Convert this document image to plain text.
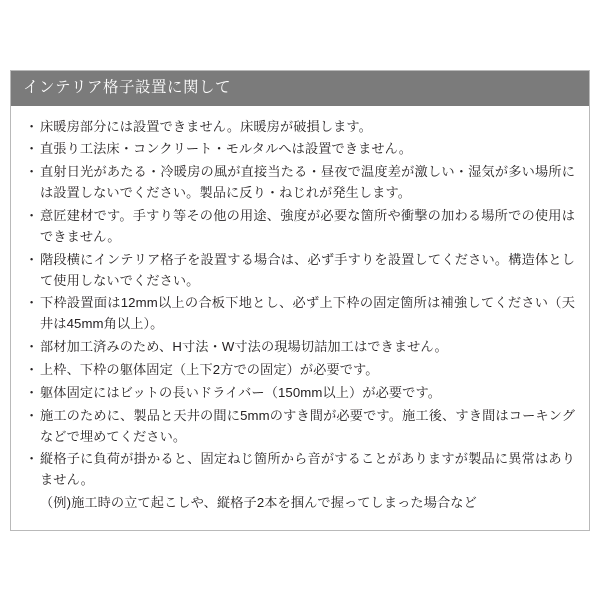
インテリア格子設置に関して
・ 床暖房部分には設置できません。床暖房が破損します。
・ 直張り工法床・コンクリート・モルタルへは設置できません。
・ 直射日光があたる・冷暖房の風が直接当たる・昼夜で温度差が激しい・湿気が多い場所には設置しないでください。製品に反り・ねじれが発生します。
・ 意匠建材です。手すり等その他の用途、強度が必要な箇所や衝撃の加わる場所での使用はできません。
・ 階段横にインテリア格子を設置する場合は、必ず手すりを設置してください。構造体として使用しないでください。
・ 下枠設置面は12mm以上の合板下地とし、必ず上下枠の固定箇所は補強してください（天井は45mm角以上）。
・ 部材加工済みのため、H寸法・W寸法の現場切詰加工はできません。
・ 上枠、下枠の躯体固定（上下2方での固定）が必要です。
・ 躯体固定にはビットの長いドライバー（150mm以上）が必要です。
・ 施工のために、製品と天井の間に5mmのすき間が必要です。施工後、すき間はコーキングなどで埋めてください。
・ 縦格子に負荷が掛かると、固定ねじ箇所から音がすることがありますが製品に異常はありません。
（例)施工時の立て起こしや、縦格子2本を掴んで握ってしまった場合など
